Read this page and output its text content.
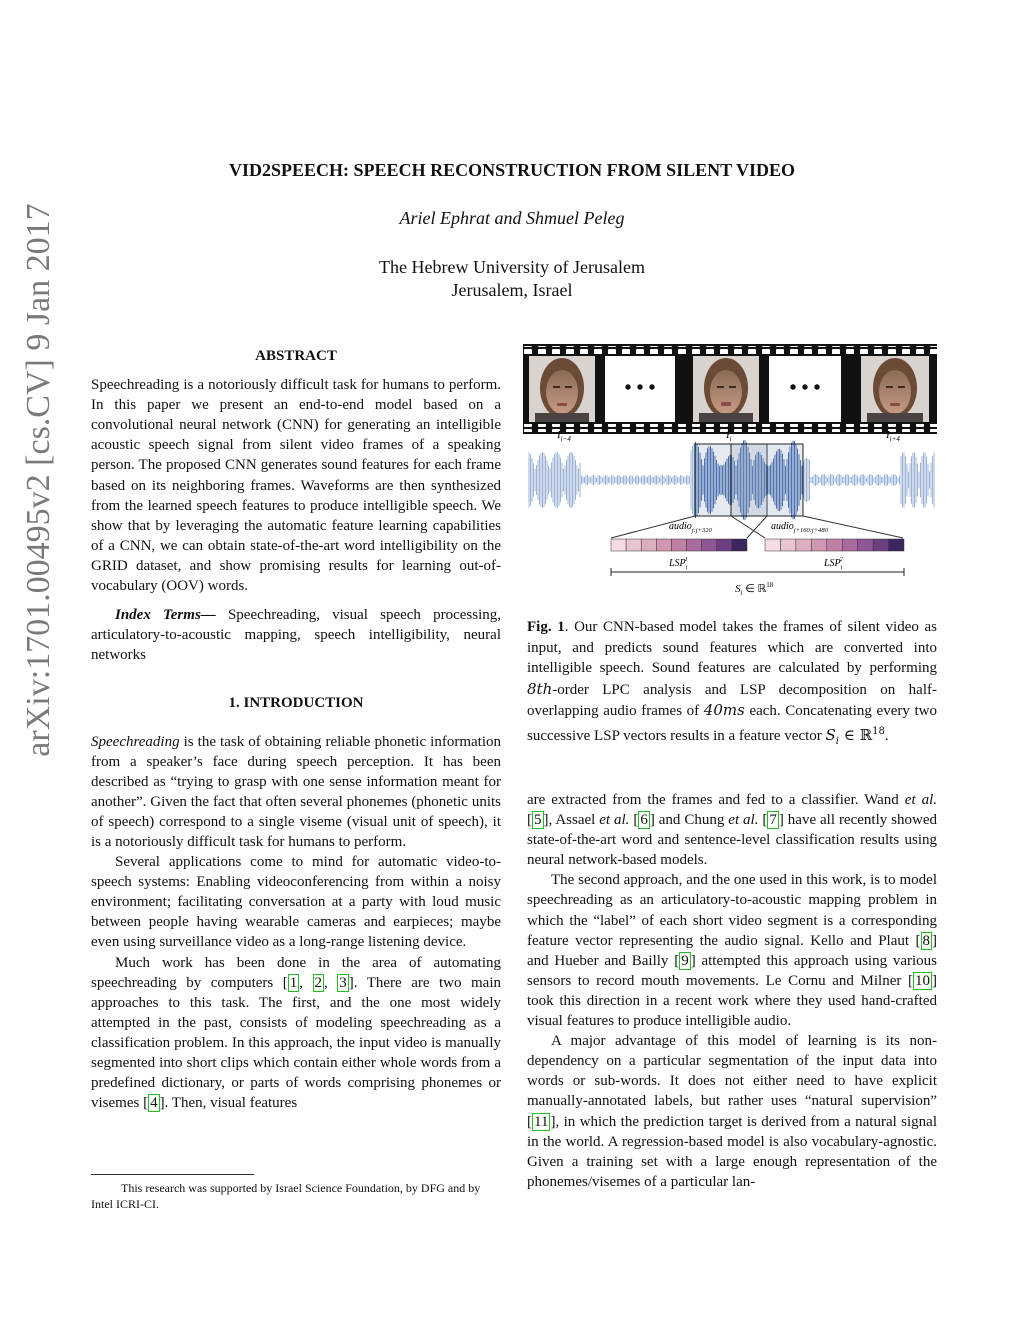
arXiv:1701.00495v2 [cs.CV] 9 Jan 2017
VID2SPEECH: SPEECH RECONSTRUCTION FROM SILENT VIDEO
Ariel Ephrat and Shmuel Peleg
The Hebrew University of Jerusalem
Jerusalem, Israel

ABSTRACT

Speechreading is a notoriously difficult task for humans to perform. In this paper we present an end-to-end model based on a convolutional neural network (CNN) for generating an intelligible acoustic speech signal from silent video frames of a speaking person. The proposed CNN generates sound features for each frame based on its neighboring frames. Waveforms are then synthesized from the learned speech features to produce intelligible speech. We show that by leveraging the automatic feature learning capabilities of a CNN, we can obtain state-of-the-art word intelligibility on the GRID dataset, and show promising results for learning out-of-vocabulary (OOV) words.

Index Terms— Speechreading, visual speech processing, articulatory-to-acoustic mapping, speech intelligibility, neural networks

1. INTRODUCTION

Speechreading is the task of obtaining reliable phonetic information from a speaker’s face during speech perception. It has been described as “trying to grasp with one sense information meant for another”. Given the fact that often several phonemes (phonetic units of speech) correspond to a single viseme (visual unit of speech), it is a notoriously difficult task for humans to perform.

Several applications come to mind for automatic video-to-speech systems: Enabling videoconferencing from within a noisy environment; facilitating conversation at a party with loud music between people having wearable cameras and earpieces; maybe even using surveillance video as a long-range listening device.

Much work has been done in the area of automating speechreading by computers [ 1 , 2 , 3 ]. There are two main approaches to this task. The first, and the one most widely attempted in the past, consists of modeling speechreading as a classification problem. In this approach, the input video is manually segmented into short clips which contain either whole words from a predefined dictionary, or parts of words comprising phonemes or visemes [ 4 ]. Then, visual features

This research was supported by Israel Science Foundation, by DFG and by Intel ICRI-CI.
• • •	• • •
$I_{i-4}$	$I_i$	$I_{i+4}$
audio$_{j:j+320}$	audio$_{j+160:j+480}$
$LSP_i1$	$LSP_i2$
$S_i$ ∈ ℝ$^{18}$
Fig. 1. Our CNN-based model takes the frames of silent video as input, and predicts sound features which are converted into intelligible speech. Sound features are calculated by performing 8th-order LPC analysis and LSP decomposition on half-overlapping audio frames of 40ms each. Concatenating every two successive LSP vectors results in a feature vector $S_i$ ∈ ℝ$^{18}$.

are extracted from the frames and fed to a classifier. Wand et al. [ 5 ], Assael et al. [ 6 ] and Chung et al. [ 7 ] have all recently showed state-of-the-art word and sentence-level classification results using neural network-based models.

The second approach, and the one used in this work, is to model speechreading as an articulatory-to-acoustic mapping problem in which the “label” of each short video segment is a corresponding feature vector representing the audio signal. Kello and Plaut [ 8 ] and Hueber and Bailly [ 9 ] attempted this approach using various sensors to record mouth movements. Le Cornu and Milner [ 10 ] took this direction in a recent work where they used hand-crafted visual features to produce intelligible audio.

A major advantage of this model of learning is its non-dependency on a particular segmentation of the input data into words or sub-words. It does not either need to have explicit manually-annotated labels, but rather uses “natural supervision” [ 11 ], in which the prediction target is derived from a natural signal in the world. A regression-based model is also vocabulary-agnostic. Given a training set with a large enough representation of the phonemes/visemes of a particular lan-
